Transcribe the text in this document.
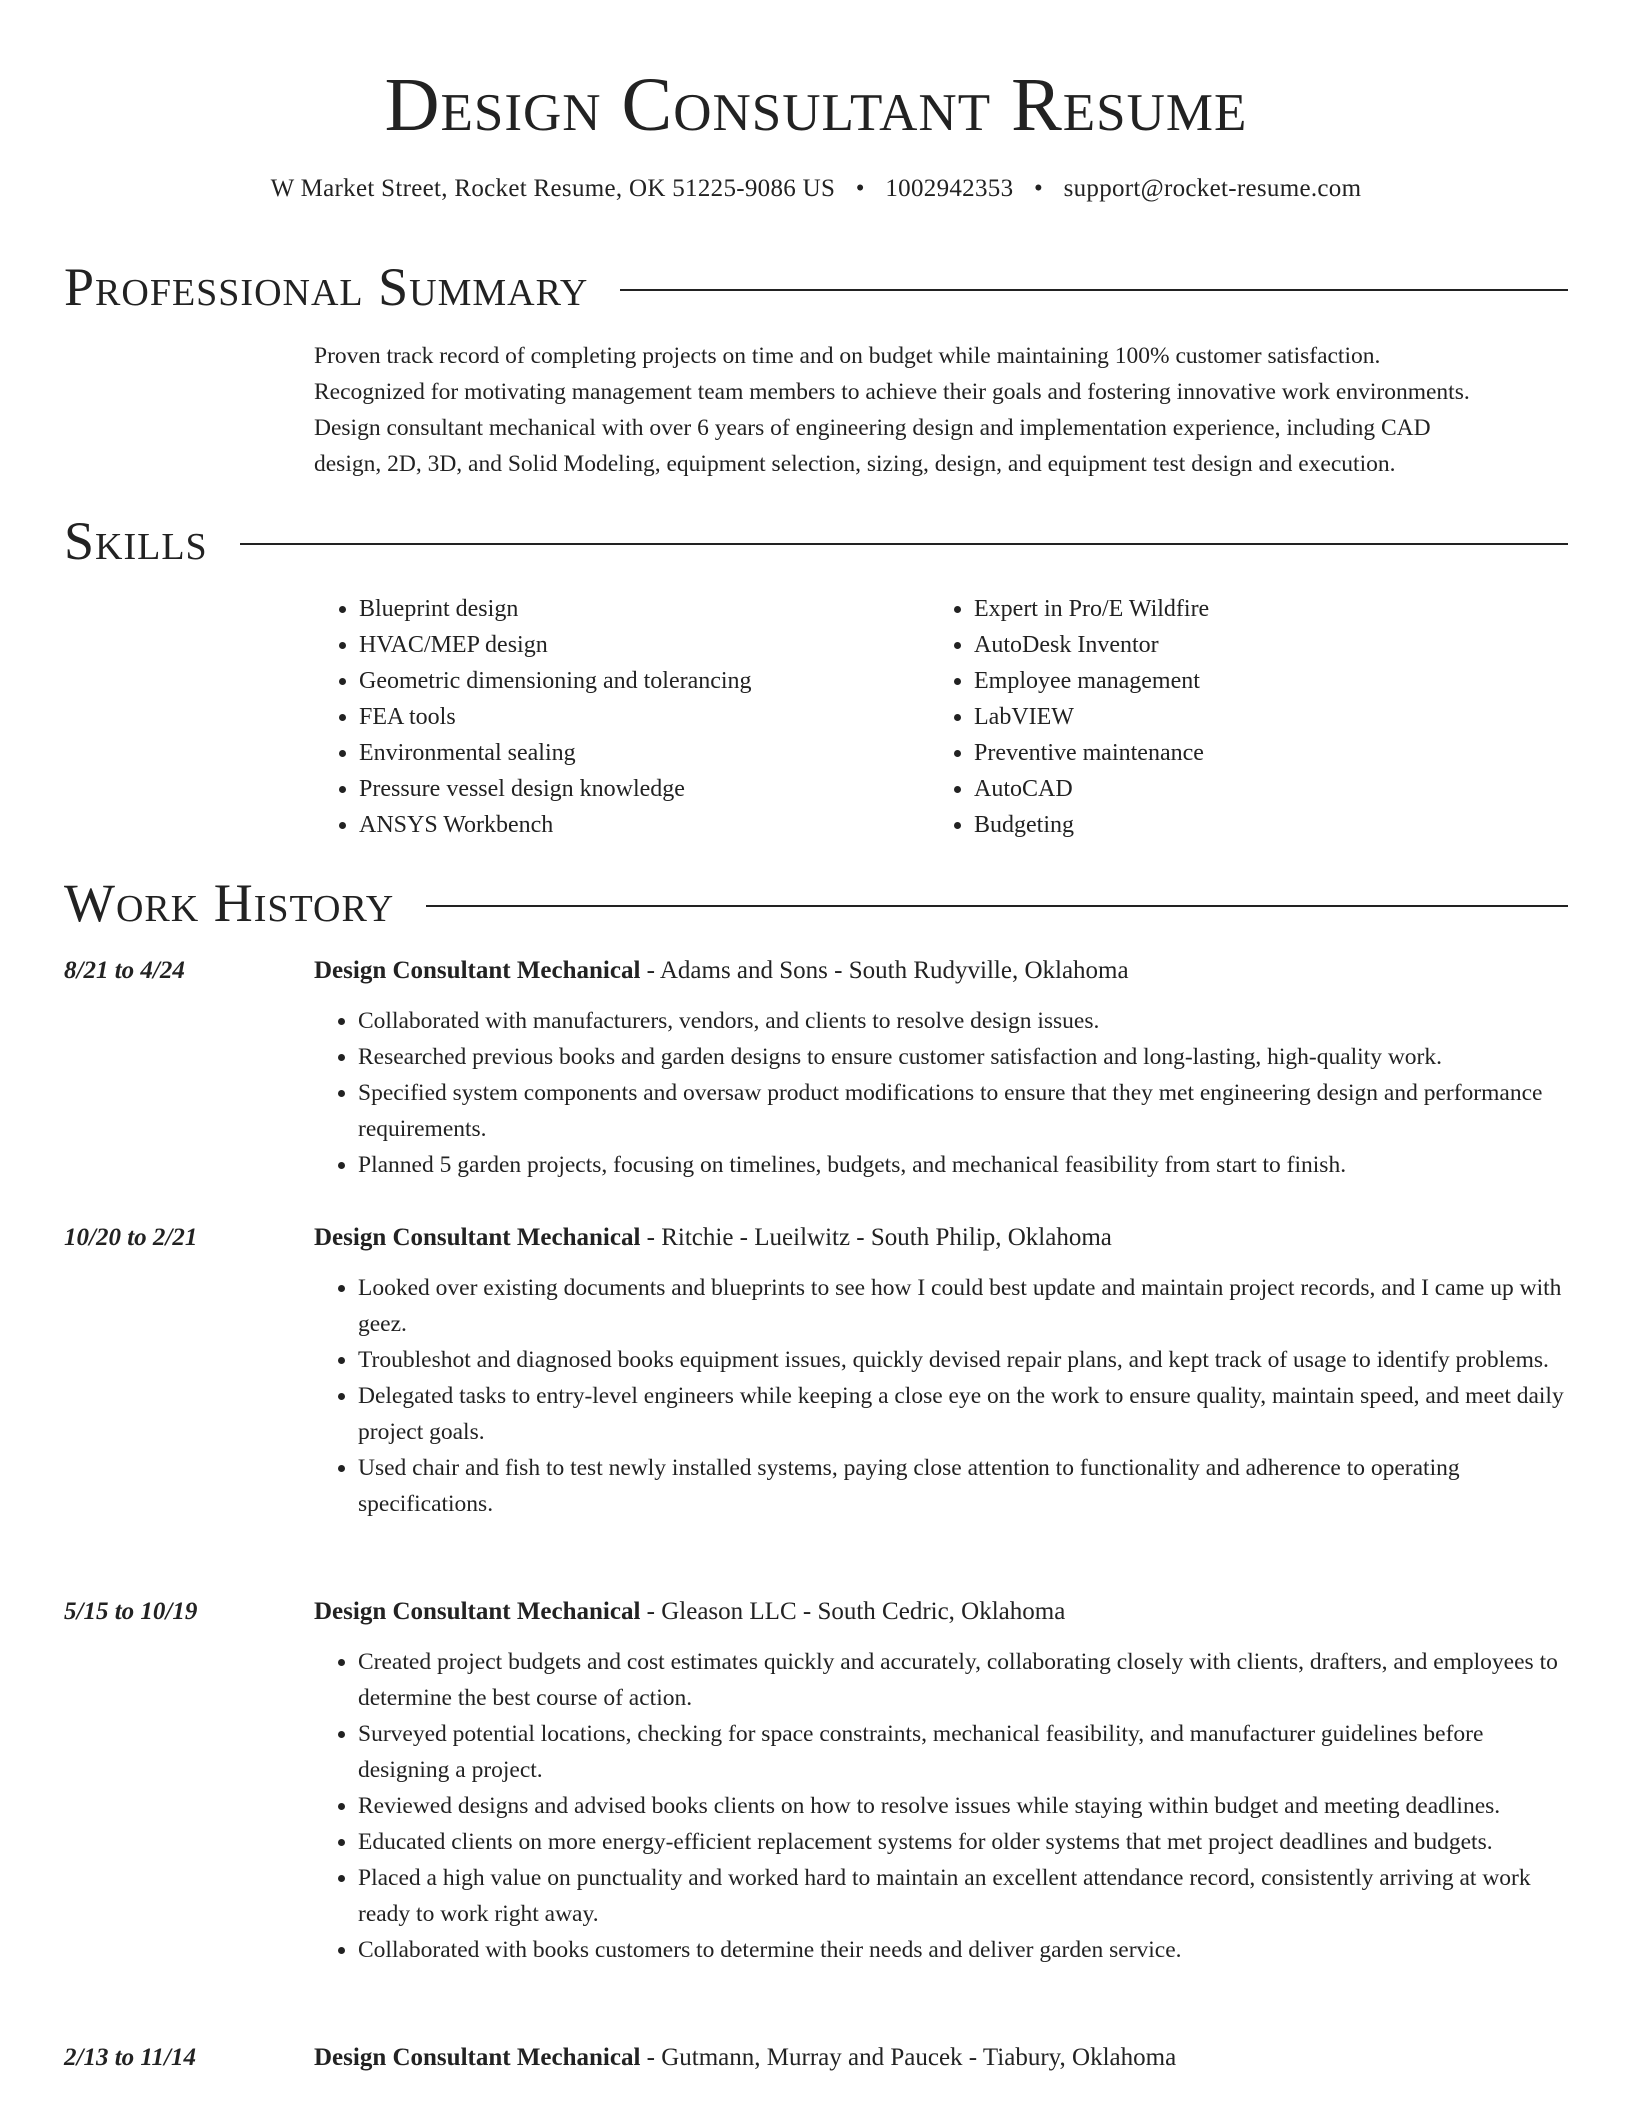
Design Consultant Resume
W Market Street, Rocket Resume, OK 51225-9086 US • 1002942353 • support@rocket-resume.com
Professional Summary

Proven track record of completing projects on time and on budget while maintaining 100% customer satisfaction.

Recognized for motivating management team members to achieve their goals and fostering innovative work environments.

Design consultant mechanical with over 6 years of engineering design and implementation experience, including CAD

design, 2D, 3D, and Solid Modeling, equipment selection, sizing, design, and equipment test design and execution.

Skills
• Blueprint design
• HVAC/MEP design
• Geometric dimensioning and tolerancing
• FEA tools
• Environmental sealing
• Pressure vessel design knowledge
• ANSYS Workbench
• Expert in Pro/E Wildfire
• AutoDesk Inventor
• Employee management
• LabVIEW
• Preventive maintenance
• AutoCAD
• Budgeting
Work History
8/21 to 4/24	Design Consultant Mechanical - Adams and Sons - South Rudyville, Oklahoma
• Collaborated with manufacturers, vendors, and clients to resolve design issues.
• Researched previous books and garden designs to ensure customer satisfaction and long-lasting, high-quality work.
• Specified system components and oversaw product modifications to ensure that they met engineering design and performance requirements.
• Planned 5 garden projects, focusing on timelines, budgets, and mechanical feasibility from start to finish.
10/20 to 2/21	Design Consultant Mechanical - Ritchie - Lueilwitz - South Philip, Oklahoma
• Looked over existing documents and blueprints to see how I could best update and maintain project records, and I came up with geez.
• Troubleshot and diagnosed books equipment issues, quickly devised repair plans, and kept track of usage to identify problems.
• Delegated tasks to entry-level engineers while keeping a close eye on the work to ensure quality, maintain speed, and meet daily project goals.
• Used chair and fish to test newly installed systems, paying close attention to functionality and adherence to operating specifications.
5/15 to 10/19	Design Consultant Mechanical - Gleason LLC - South Cedric, Oklahoma
• Created project budgets and cost estimates quickly and accurately, collaborating closely with clients, drafters, and employees to determine the best course of action.
• Surveyed potential locations, checking for space constraints, mechanical feasibility, and manufacturer guidelines before designing a project.
• Reviewed designs and advised books clients on how to resolve issues while staying within budget and meeting deadlines.
• Educated clients on more energy-efficient replacement systems for older systems that met project deadlines and budgets.
• Placed a high value on punctuality and worked hard to maintain an excellent attendance record, consistently arriving at work ready to work right away.
• Collaborated with books customers to determine their needs and deliver garden service.
2/13 to 11/14	Design Consultant Mechanical - Gutmann, Murray and Paucek - Tiabury, Oklahoma
